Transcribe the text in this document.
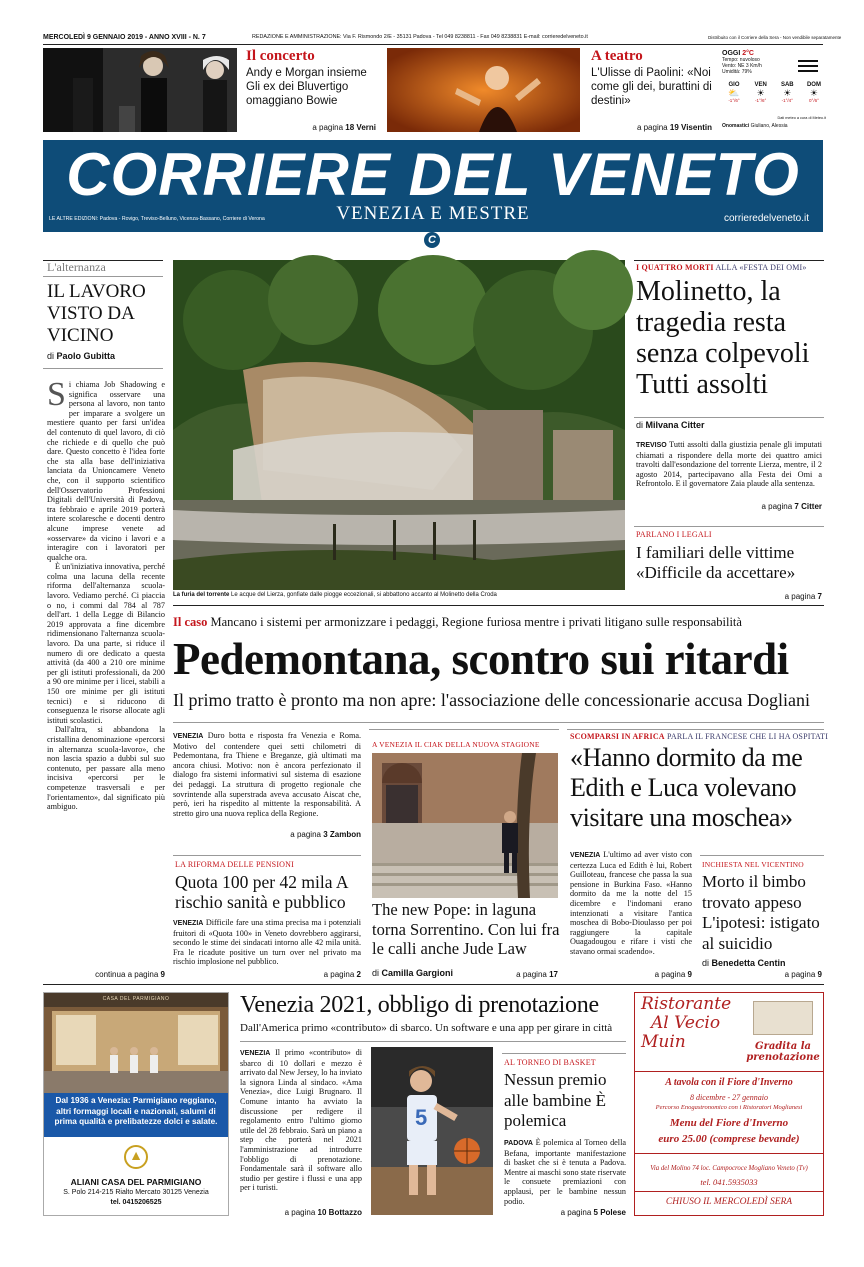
MERCOLEDÌ 9 GENNAIO 2019 - ANNO XVIII - N. 7	REDAZIONE E AMMINISTRAZIONE: Via F. Rismondo 2/E - 35131 Padova - Tel 049 8238811 - Fax 049 8238831 E-mail: corrieredelveneto.it	Distribuito con il Corriere della Sera - Non vendibile separatamente
Il concerto
Andy e Morgan insieme Gli ex dei Bluvertigo omaggiano Bowie
a pagina 18 Verni
A teatro
L'Ulisse di Paolini: «Noi come gli dei, burattini di destini»
a pagina 19 Visentin
OGGI 2°C
Tempo: nuvoloso
Vento: NE 3 Km/h
Umidità: 79%
GIO
⛅
-1°/6°
VEN
☀
-1°/6°
SAB
☀
-1°/4°
DOM
☀
0°/6°
Dati meteo a cura di Meteo.it
Onomastici Giuliano, Alessia
CORRIERE DEL VENETO
VENEZIA E MESTRE
LE ALTRE EDIZIONI: Padova - Rovigo, Treviso-Belluno, Vicenza-Bassano, Corriere di Verona	corrieredelveneto.it
C
L'alternanza
IL LAVORO VISTO DA VICINO
di Paolo Gubitta
Si chiama Job Shadowing e significa osservare una persona al lavoro, non tanto per imparare a svolgere un mestiere quanto per farsi un'idea del contenuto di quel lavoro, di ciò che richiede e di quello che può dare. Questo concetto è l'idea forte che sta alla base dell'iniziativa lanciata da Unioncamere Veneto che, con il supporto scientifico dell'Osservatorio Professioni Digitali dell'Università di Padova, tra febbraio e aprile 2019 porterà intere scolaresche e docenti dentro alcune imprese venete ad «osservare» da vicino i lavori e a interagire con i lavoratori per qualche ora.
È un'iniziativa innovativa, perché colma una lacuna della recente riforma dell'alternanza scuola-lavoro. Vediamo perché. Ci piaccia o no, i commi dal 784 al 787 dell'art. 1 della Legge di Bilancio 2019 approvata a fine dicembre ridimensionano l'alternanza scuola-lavoro. Da una parte, si riduce il numero di ore dedicato a questa attività (da 400 a 210 ore minime per gli istituti professionali, da 200 a 90 ore minime per i licei, stabili a 150 ore minime per gli istituti tecnici) e si riducono di conseguenza le risorse allocate agli istituti scolastici.
Dall'altra, si abbandona la cristallina denominazione «percorsi in alternanza scuola-lavoro», che non lascia spazio a dubbi sul suo contenuto, per passare alla meno incisiva «percorsi per le competenze trasversali e per l'orientamento», dal significato più ambiguo.
continua a pagina 9
La furia del torrente Le acque del Lierza, gonfiate dalle piogge eccezionali, si abbattono accanto al Molinetto della Croda
I QUATTRO MORTI ALLA «FESTA DEI OMI»
Molinetto, la tragedia resta senza colpevoli Tutti assolti
di Milvana Citter
TREVISO Tutti assolti dalla giustizia penale gli imputati chiamati a rispondere della morte dei quattro amici travolti dall'esondazione del torrente Lierza, mentre, il 2 agosto 2014, partecipavano alla Festa dei Omi a Refrontolo. E il governatore Zaia plaude alla sentenza.
a pagina 7 Citter
PARLANO I LEGALI
I familiari delle vittime «Difficile da accettare»
a pagina 7
Il caso Mancano i sistemi per armonizzare i pedaggi, Regione furiosa mentre i privati litigano sulle responsabilità
Pedemontana, scontro sui ritardi
Il primo tratto è pronto ma non apre: l'associazione delle concessionarie accusa Dogliani
VENEZIA Duro botta e risposta fra Venezia e Roma. Motivo del contendere quei setti chilometri di Pedemontana, fra Thiene e Breganze, già ultimati ma ancora chiusi. Motivo: non è ancora perfezionato il dialogo fra sistemi informativi sul sistema di esazione dei pedaggi. La struttura di progetto regionale che sovrintende alla superstrada aveva accusato Aiscat che, però, ieri ha rispedito al mittente la responsabilità. A stretto giro una nuova replica della Regione.
a pagina 3 Zambon
LA RIFORMA DELLE PENSIONI
Quota 100 per 42 mila A rischio sanità e pubblico
VENEZIA Difficile fare una stima precisa ma i potenziali fruitori di «Quota 100» in Veneto dovrebbero aggirarsi, secondo le stime dei sindacati intorno alle 42 mila unità. Fra le ricadute positive un turn over nel privato ma rischio implosione nel pubblico.
a pagina 2
A VENEZIA IL CIAK DELLA NUOVA STAGIONE
The new Pope: in laguna torna Sorrentino. Con lui fra le calli anche Jude Law
di Camilla Gargioni	a pagina 17
SCOMPARSI IN AFRICA PARLA IL FRANCESE CHE LI HA OSPITATI
«Hanno dormito da me Edith e Luca volevano visitare una moschea»
VENEZIA L'ultimo ad aver visto con certezza Luca ed Edith è lui, Robert Guilloteau, francese che passa la sua pensione in Burkina Faso. «Hanno dormito da me la notte del 15 dicembre e l'indomani erano intenzionati a visitare l'antica moschea di Bobo-Dioulasso per poi raggiungere la capitale Ouagadougou e rifare i visti che stavano ormai scadendo».
a pagina 9
INCHIESTA NEL VICENTINO
Morto il bimbo trovato appeso L'ipotesi: istigato al suicidio
di Benedetta Centin
a pagina 9
CASA DEL PARMIGIANO
Dal 1936 a Venezia: Parmigiano reggiano, altri formaggi locali e nazionali, salumi di prima qualità e prelibatezze dolci e salate.
▲
ALIANI CASA DEL PARMIGIANO
S. Polo 214-215 Rialto Mercato 30125 Venezia
tel. 0415206525
Venezia 2021, obbligo di prenotazione
Dall'America primo «contributo» di sbarco. Un software e una app per girare in città
VENEZIA Il primo «contributo» di sbarco di 10 dollari e mezzo è arrivato dal New Jersey, lo ha inviato la signora Linda al sindaco. «Ama Venezia», dice Luigi Brugnaro. Il Comune intanto ha avviato la discussione per redigere il regolamento entro l'ultimo giorno utile del 28 febbraio. Sarà un piano a step che porterà nel 2021 l'amministrazione ad introdurre l'obbligo di prenotazione. Fondamentale sarà il software allo studio per gestire i flussi e una app per i turisti.
a pagina 10 Bottazzo
5
AL TORNEO DI BASKET
Nessun premio alle bambine È polemica
PADOVA È polemica al Torneo della Befana, importante manifestazione di basket che si è tenuta a Padova. Mentre ai maschi sono state riservate le consuete premiazioni con applausi, per le bambine nessun podio.
a pagina 5 Polese
Ristorante
Al Vecio
Muin	Gradita la prenotazione
A tavola con il Fiore d'Inverno
8 dicembre - 27 gennaio
Percorso Enogastronomico con i Ristoratori Moglianesi
Menu del Fiore d'Inverno
euro 25.00 (comprese bevande)
Via del Molino 74 loc. Campocroce Mogliano Veneto (Tv)
tel. 041.5935033
CHIUSO IL MERCOLEDÌ SERA
